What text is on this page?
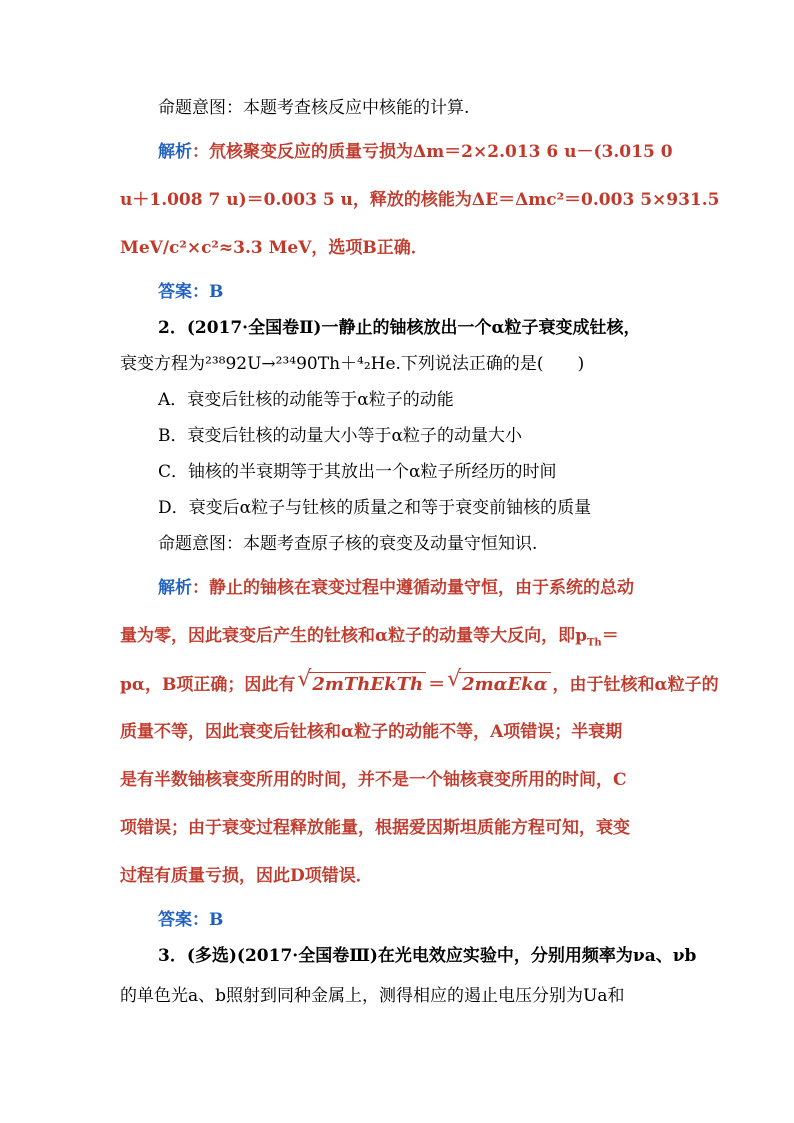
命题意图：本题考查核反应中核能的计算.
解析：氘核聚变反应的质量亏损为Δm＝2×2.013 6 u－(3.015 0
u＋1.008 7 u)＝0.003 5 u，释放的核能为ΔE＝Δmc²＝0.003 5×931.5
MeV/c²×c²≈3.3 MeV，选项B正确．
答案：B
2．(2017·全国卷Ⅱ)一静止的铀核放出一个α粒子衰变成钍核，
衰变方程为²³⁸92U→²³⁴90Th＋⁴₂He.下列说法正确的是(　　)
A．衰变后钍核的动能等于α粒子的动能
B．衰变后钍核的动量大小等于α粒子的动量大小
C．铀核的半衰期等于其放出一个α粒子所经历的时间
D．衰变后α粒子与钍核的质量之和等于衰变前铀核的质量
命题意图：本题考查原子核的衰变及动量守恒知识.
解析：静止的铀核在衰变过程中遵循动量守恒，由于系统的总动
量为零，因此衰变后产生的钍核和α粒子的动量等大反向，即$p_{Th}=$
pα，B项正确；因此有 √ 2mThEkTh ＝ √ 2mαEkα ，由于钍核和α粒子的
质量不等，因此衰变后钍核和α粒子的动能不等，A项错误；半衰期
是有半数铀核衰变所用的时间，并不是一个铀核衰变所用的时间，C
项错误；由于衰变过程释放能量，根据爱因斯坦质能方程可知，衰变
过程有质量亏损，因此D项错误．
答案：B
3．(多选)(2017·全国卷Ⅲ)在光电效应实验中，分别用频率为νa、νb
的单色光a、b照射到同种金属上，测得相应的遏止电压分别为Ua和
